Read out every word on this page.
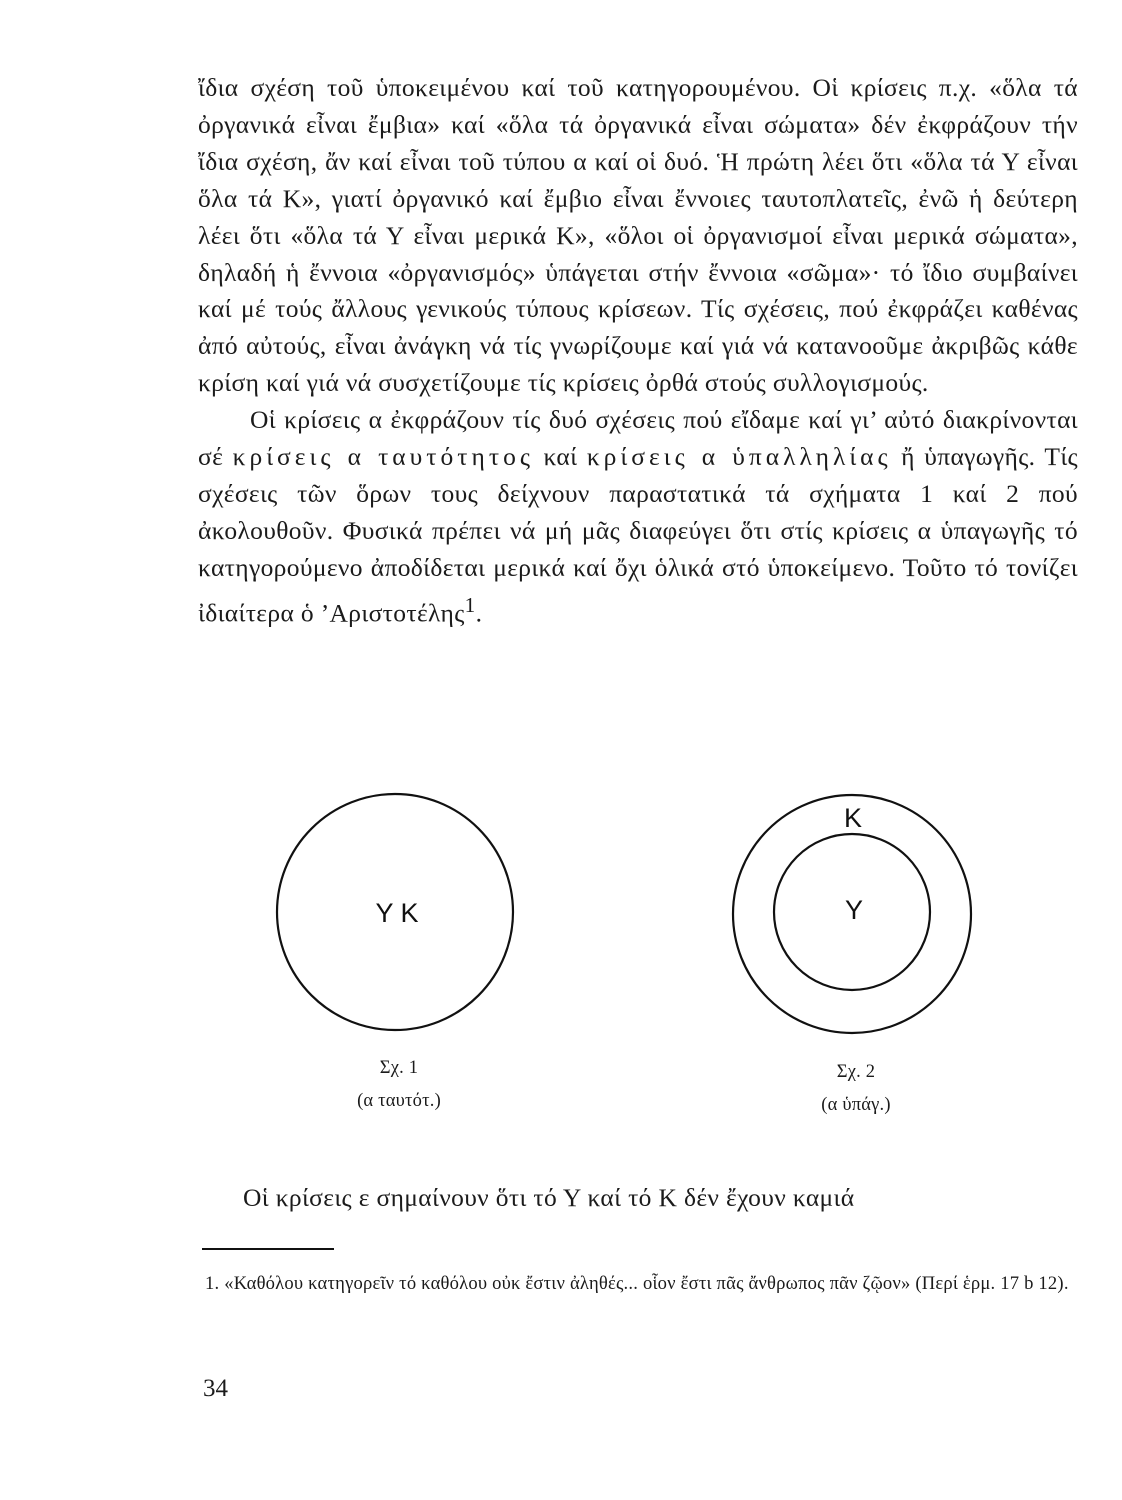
ἴδια σχέση τοῦ ὑποκειμένου καί τοῦ κατηγορουμένου. Οἱ κρίσεις π.χ. «ὅλα τά ὀργανικά εἶναι ἔμβια» καί «ὅλα τά ὀργανικά εἶναι σώματα» δέν ἐκφράζουν τήν ἴδια σχέση, ἄν καί εἶναι τοῦ τύπου α καί οἱ δυό. Ἡ πρώτη λέει ὅτι «ὅλα τά Υ εἶναι ὅλα τά Κ», γιατί ὀργανικό καί ἔμβιο εἶναι ἔννοιες ταυτοπλατεῖς, ἐνῶ ἡ δεύτερη λέει ὅτι «ὅλα τά Υ εἶναι μερικά Κ», «ὅλοι οἱ ὀργανισμοί εἶναι μερικά σώματα», δηλαδή ἡ ἔννοια «ὀργανισμός» ὑπάγεται στήν ἔννοια «σῶμα»· τό ἴδιο συμβαίνει καί μέ τούς ἄλλους γενικούς τύπους κρίσεων. Τίς σχέσεις, πού ἐκφράζει καθένας ἀπό αὐτούς, εἶναι ἀνάγκη νά τίς γνωρίζουμε καί γιά νά κατανοοῦμε ἀκριβῶς κάθε κρίση καί γιά νά συσχετίζουμε τίς κρίσεις ὀρθά στούς συλλογισμούς.

Οἱ κρίσεις α ἐκφράζουν τίς δυό σχέσεις πού εἴδαμε καί γι’ αὐτό διακρίνονται σέ κρίσεις α ταυτότητος καί κρίσεις α ὑπαλληλίας ἤ ὑπαγωγῆς. Τίς σχέσεις τῶν ὅρων τους δείχνουν παραστατικά τά σχήματα 1 καί 2 πού ἀκολουθοῦν. Φυσικά πρέπει νά μή μᾶς διαφεύγει ὅτι στίς κρίσεις α ὑπαγωγῆς τό κατηγορούμενο ἀποδίδεται μερικά καί ὄχι ὁλικά στό ὑποκείμενο. Τοῦτο τό τονίζει ἰδιαίτερα ὁ ’Αριστοτέλης$^1$.

Υ Κ
Κ
Υ
Σχ. 1
(α ταυτότ.)
Σχ. 2
(α ὑπάγ.)
Οἱ κρίσεις ε σημαίνουν ὅτι τό Υ καί τό Κ δέν ἔχουν καμιά
1. «Καθόλου κατηγορεῖν τό καθόλου οὐκ ἔστιν ἀληθές... οἷον ἔστι πᾶς ἄνθρωπος πᾶν ζῷον» (Περί ἑρμ. 17 b 12).
34
